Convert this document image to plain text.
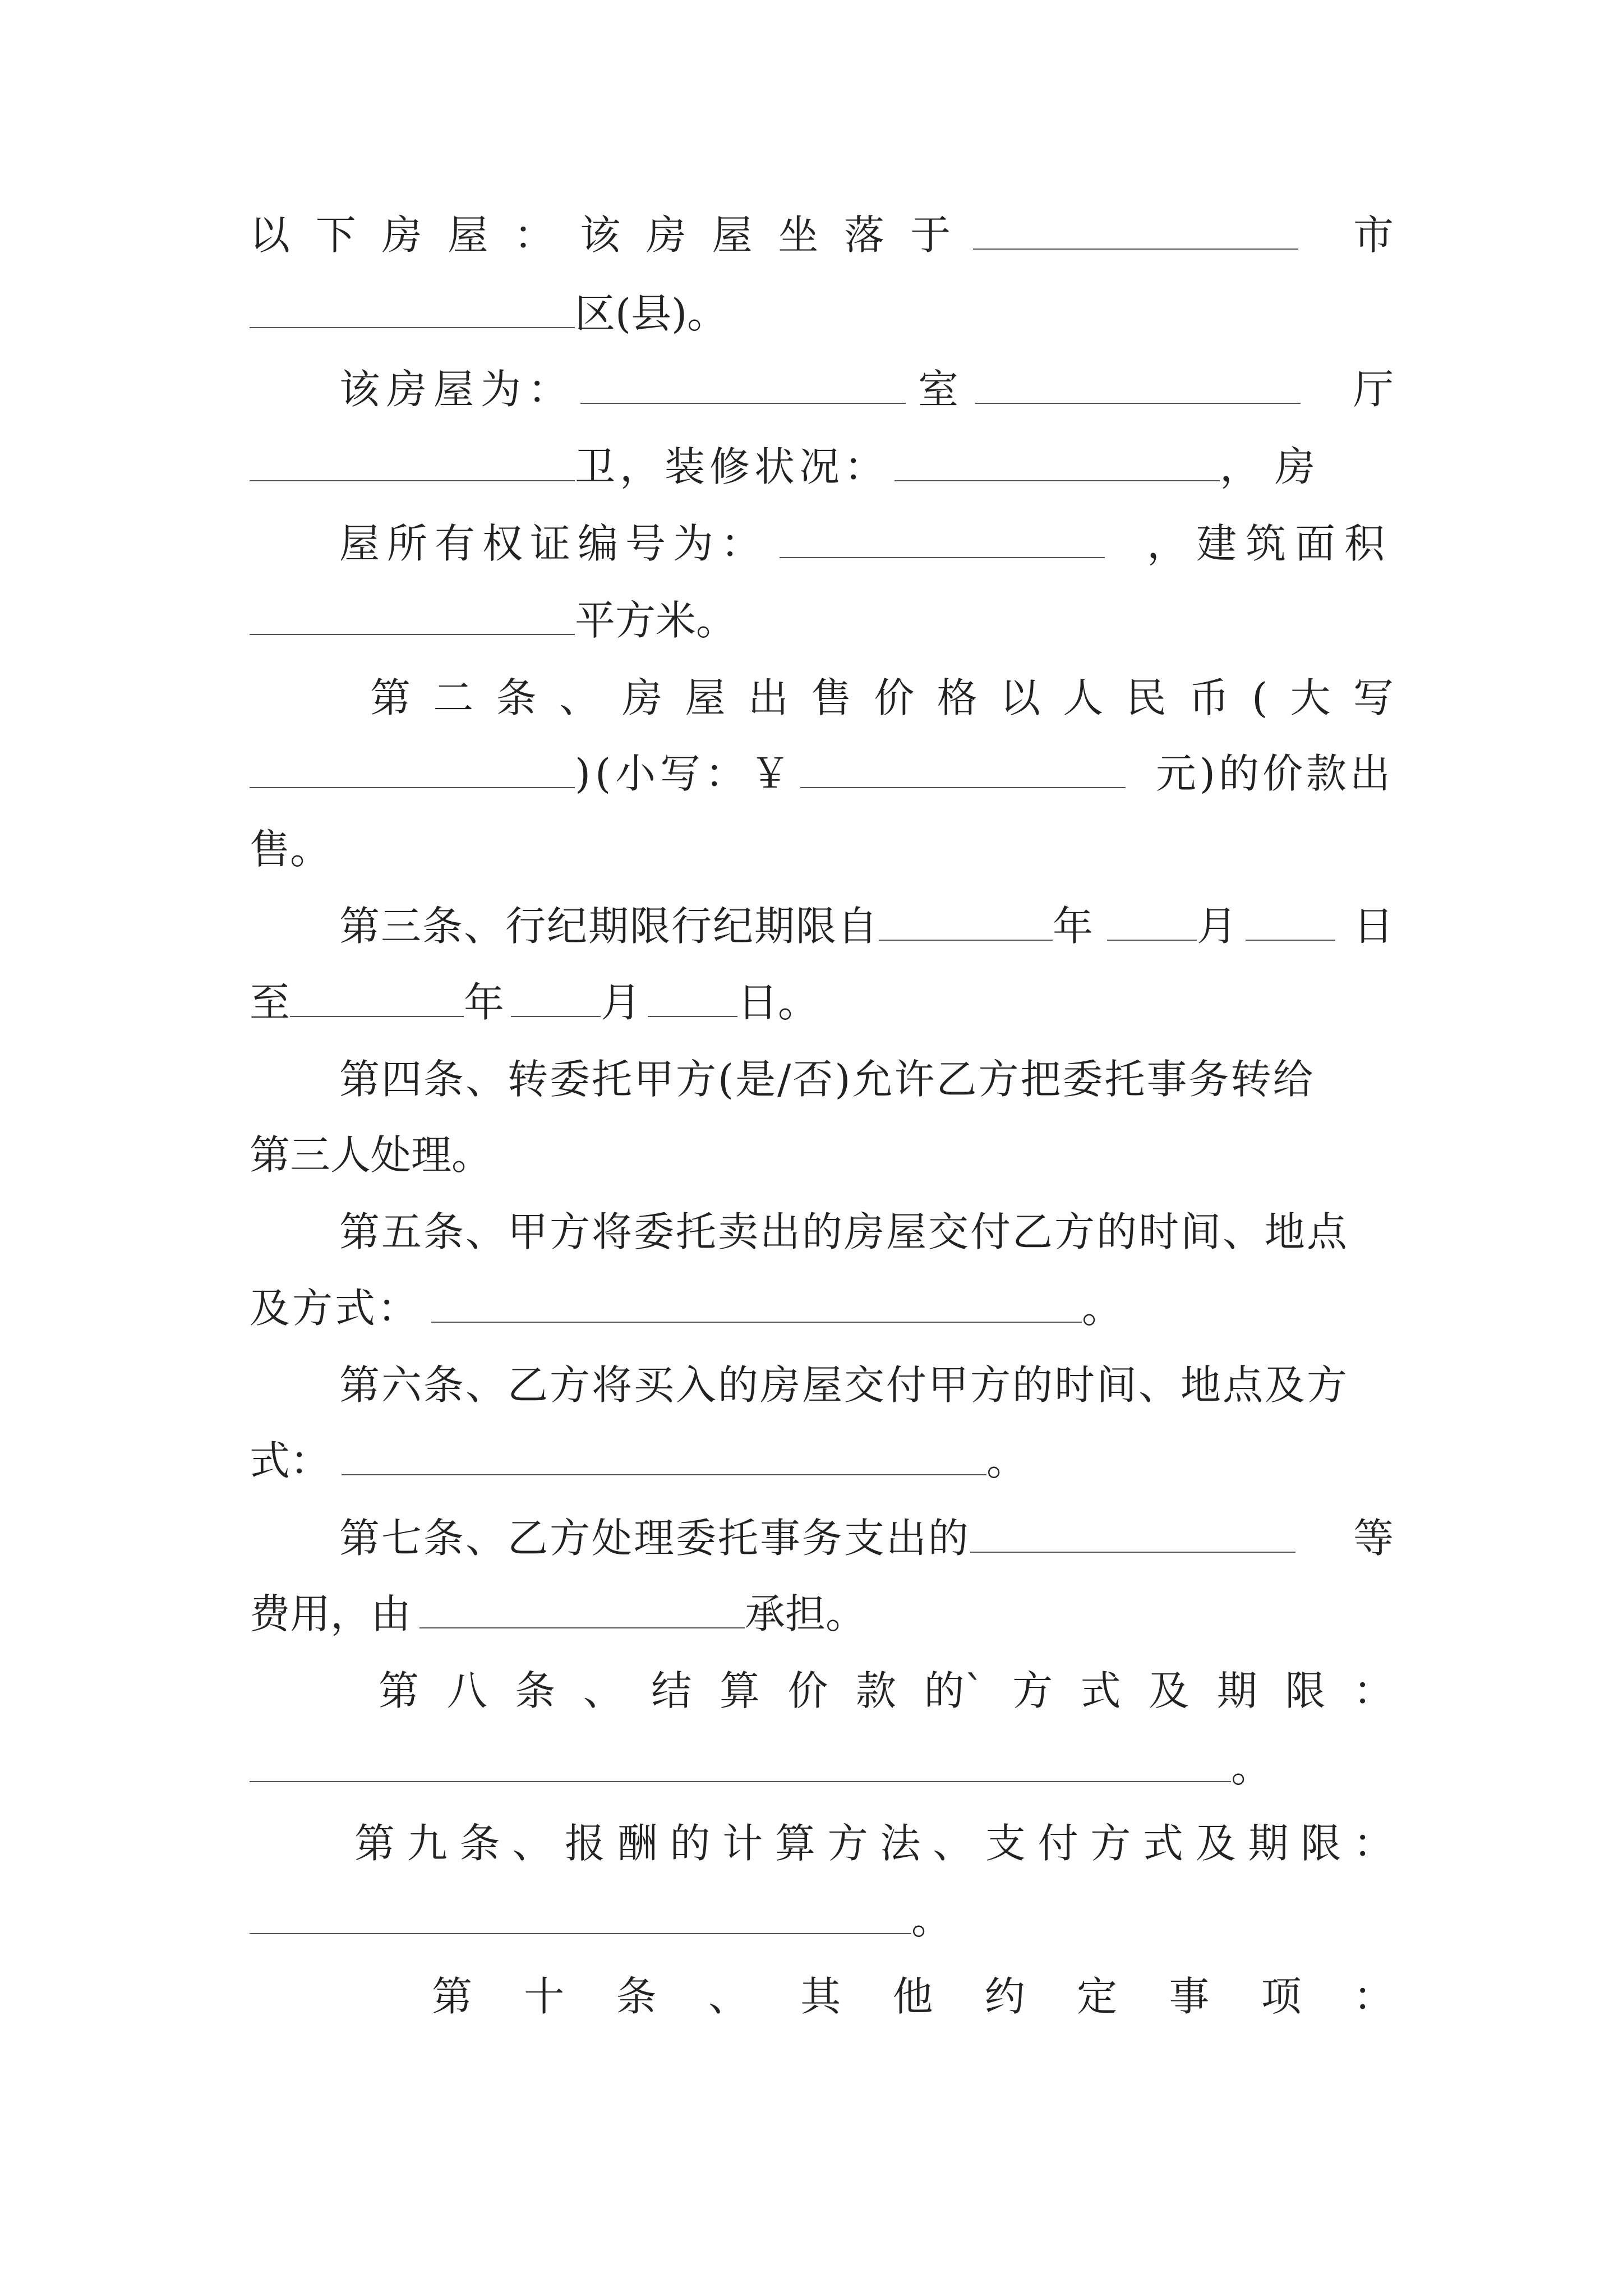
以 下 房 屋 ： 该 房 屋 坐 落 于	市
区(县)。
该房屋为：	室	厅
卫，装修状况：	，房
屋所有权证编号为：	，建筑面积
平方米。
第 二 条 、 房 屋 出 售 价 格 以 人 民 币 ( 大 写
)(小写：￥	元)的价款出
售。
第三条、行纪期限行纪期限自	年	月	日
至	年 月 日。
第四条、转委托甲方(是/否)允许乙方把委托事务转给
第三人处理。
第五条、甲方将委托卖出的房屋交付乙方的时间、地点
及方式：	。
第六条、乙方将买入的房屋交付甲方的时间、地点及方
式：	。
第七条、乙方处理委托事务支出的	等
费用，由	承担。
第 八 条 、 结 算 价 款 的` 方 式 及 期 限 ：
。
第 九 条 、 报 酬 的 计 算 方 法 、 支 付 方 式 及 期 限 ：
。
第 十 条 、 其 他 约 定 事 项 ：
